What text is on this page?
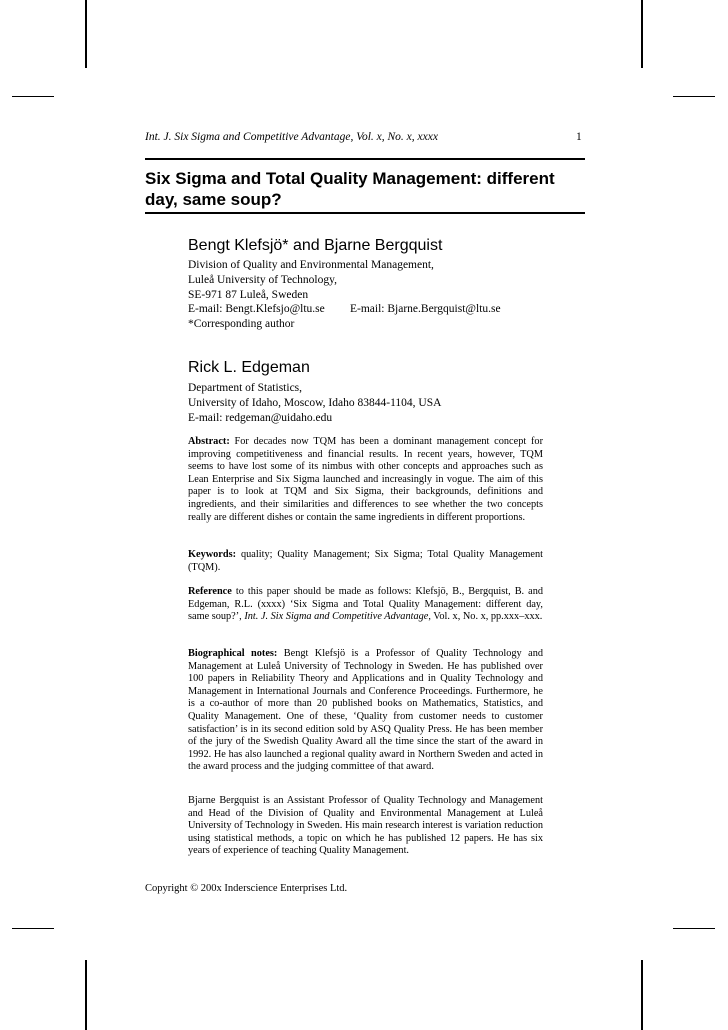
Int. J. Six Sigma and Competitive Advantage, Vol. x, No. x, xxxx	1
Six Sigma and Total Quality Management: different
day, same soup?
Bengt Klefsjö* and Bjarne Bergquist
Division of Quality and Environmental Management,
Luleå University of Technology,
SE-971 87 Luleå, Sweden
E-mail: Bengt.Klefsjo@ltu.se E-mail: Bjarne.Bergquist@ltu.se
*Corresponding author
Rick L. Edgeman
Department of Statistics,
University of Idaho, Moscow, Idaho 83844-1104, USA
E-mail: redgeman@uidaho.edu
Abstract: For decades now TQM has been a dominant management concept for improving competitiveness and financial results. In recent years, however, TQM seems to have lost some of its nimbus with other concepts and approaches such as Lean Enterprise and Six Sigma launched and increasingly in vogue. The aim of this paper is to look at TQM and Six Sigma, their backgrounds, definitions and ingredients, and their similarities and differences to see whether the two concepts really are different dishes or contain the same ingredients in different proportions.
Keywords: quality; Quality Management; Six Sigma; Total Quality Management (TQM).
Reference to this paper should be made as follows: Klefsjö, B., Bergquist, B. and Edgeman, R.L. (xxxx) ‘Six Sigma and Total Quality Management: different day, same soup?’, Int. J. Six Sigma and Competitive Advantage, Vol. x, No. x, pp.xxx–xxx.
Biographical notes: Bengt Klefsjö is a Professor of Quality Technology and Management at Luleå University of Technology in Sweden. He has published over 100 papers in Reliability Theory and Applications and in Quality Technology and Management in International Journals and Conference Proceedings. Furthermore, he is a co-author of more than 20 published books on Mathematics, Statistics, and Quality Management. One of these, ‘Quality from customer needs to customer satisfaction’ is in its second edition sold by ASQ Quality Press. He has been member of the jury of the Swedish Quality Award all the time since the start of the award in 1992. He has also launched a regional quality award in Northern Sweden and acted in the award process and the judging committee of that award.
Bjarne Bergquist is an Assistant Professor of Quality Technology and Management and Head of the Division of Quality and Environmental Management at Luleå University of Technology in Sweden. His main research interest is variation reduction using statistical methods, a topic on which he has published 12 papers. He has six years of experience of teaching Quality Management.
Copyright © 200x Inderscience Enterprises Ltd.
